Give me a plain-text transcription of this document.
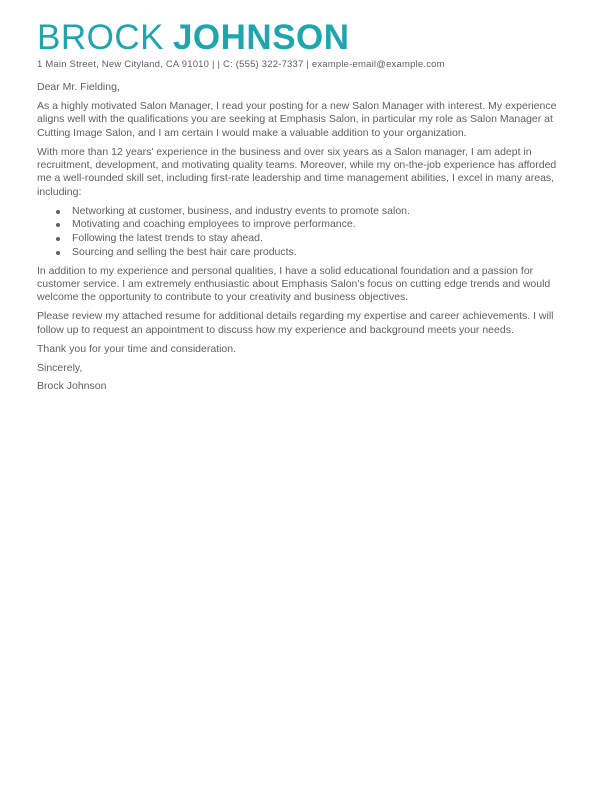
BROCK JOHNSON
1 Main Street, New Cityland, CA 91010 | | C: (555) 322-7337 | example-email@example.com

Dear Mr. Fielding,

As a highly motivated Salon Manager, I read your posting for a new Salon Manager with interest. My experience aligns well with the qualifications you are seeking at Emphasis Salon, in particular my role as Salon Manager at Cutting Image Salon, and I am certain I would make a valuable addition to your organization.

With more than 12 years' experience in the business and over six years as a Salon manager, I am adept in recruitment, development, and motivating quality teams. Moreover, while my on-the-job experience has afforded me a well-rounded skill set, including first-rate leadership and time management abilities, I excel in many areas, including:

Networking at customer, business, and industry events to promote salon.
Motivating and coaching employees to improve performance.
Following the latest trends to stay ahead.
Sourcing and selling the best hair care products.

In addition to my experience and personal qualities, I have a solid educational foundation and a passion for customer service. I am extremely enthusiastic about Emphasis Salon's focus on cutting edge trends and would welcome the opportunity to contribute to your creativity and business objectives.

Please review my attached resume for additional details regarding my expertise and career achievements. I will follow up to request an appointment to discuss how my experience and background meets your needs.

Thank you for your time and consideration.

Sincerely,

Brock Johnson
